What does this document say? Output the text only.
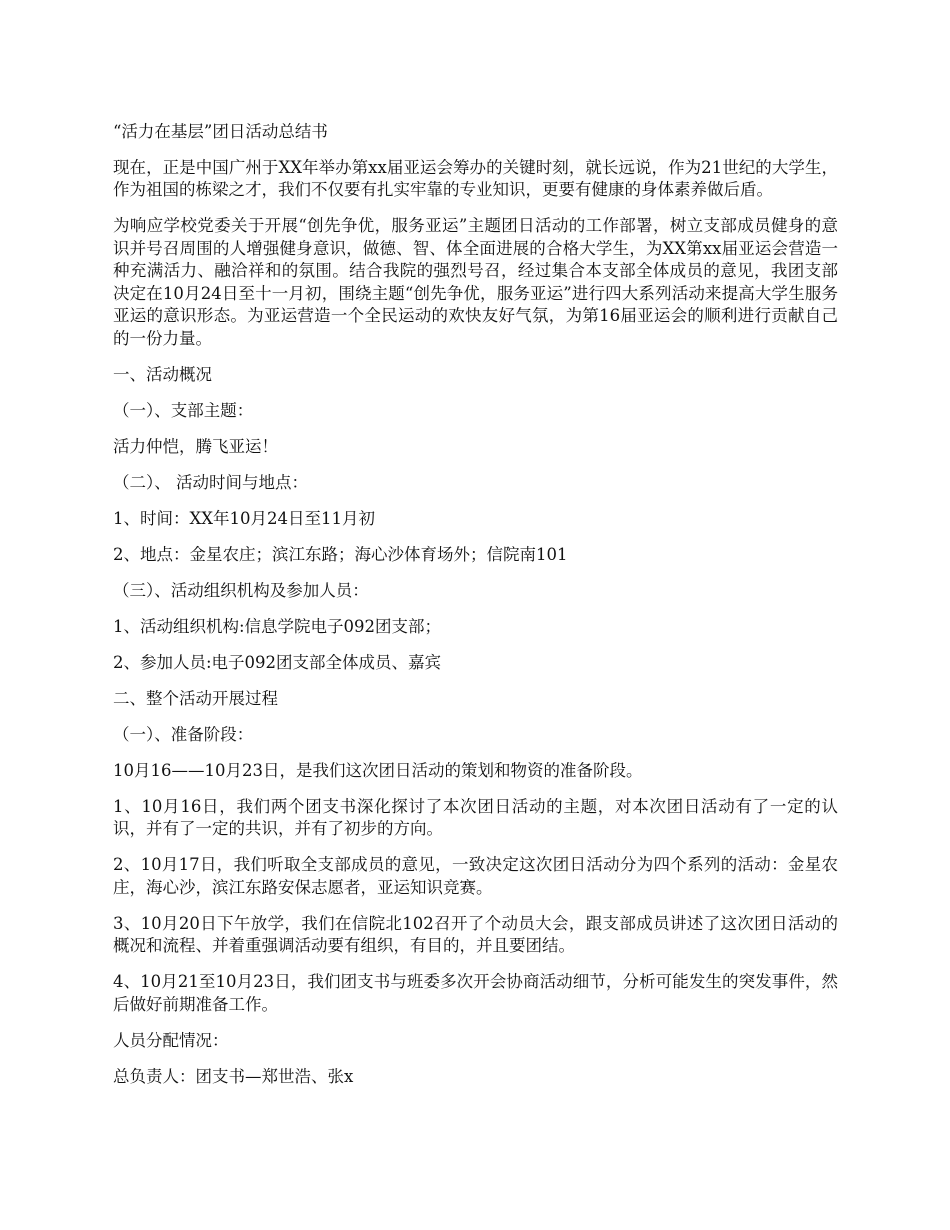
“活力在基层”团日活动总结书

现在，正是中国广州于XX年举办第xx届亚运会筹办的关键时刻，就长远说，作为21世纪的大学生，作为祖国的栋梁之才，我们不仅要有扎实牢靠的专业知识，更要有健康的身体素养做后盾。

为响应学校党委关于开展“创先争优，服务亚运”主题团日活动的工作部署，树立支部成员健身的意识并号召周围的人增强健身意识，做德、智、体全面进展的合格大学生，为XX第xx届亚运会营造一种充满活力、融洽祥和的氛围。结合我院的强烈号召，经过集合本支部全体成员的意见，我团支部决定在10月24日至十一月初，围绕主题“创先争优，服务亚运”进行四大系列活动来提高大学生服务亚运的意识形态。为亚运营造一个全民运动的欢快友好气氛，为第16届亚运会的顺利进行贡献自己的一份力量。

一、活动概况

（一）、支部主题：

活力仲恺，腾飞亚运！

（二）、 活动时间与地点：

1、时间：XX年10月24日至11月初

2、地点：金星农庄；滨江东路；海心沙体育场外；信院南101

（三）、活动组织机构及参加人员：

1、活动组织机构:信息学院电子092团支部；

2、参加人员:电子092团支部全体成员、嘉宾

二、整个活动开展过程

（一）、准备阶段：

10月16——10月23日，是我们这次团日活动的策划和物资的准备阶段。

1、10月16日，我们两个团支书深化探讨了本次团日活动的主题，对本次团日活动有了一定的认识，并有了一定的共识，并有了初步的方向。

2、10月17日，我们听取全支部成员的意见，一致决定这次团日活动分为四个系列的活动：金星农庄，海心沙，滨江东路安保志愿者，亚运知识竞赛。

3、10月20日下午放学，我们在信院北102召开了个动员大会，跟支部成员讲述了这次团日活动的概况和流程、并着重强调活动要有组织，有目的，并且要团结。

4、10月21至10月23日，我们团支书与班委多次开会协商活动细节，分析可能发生的突发事件，然后做好前期准备工作。

人员分配情况：

总负责人：团支书—郑世浩、张x
